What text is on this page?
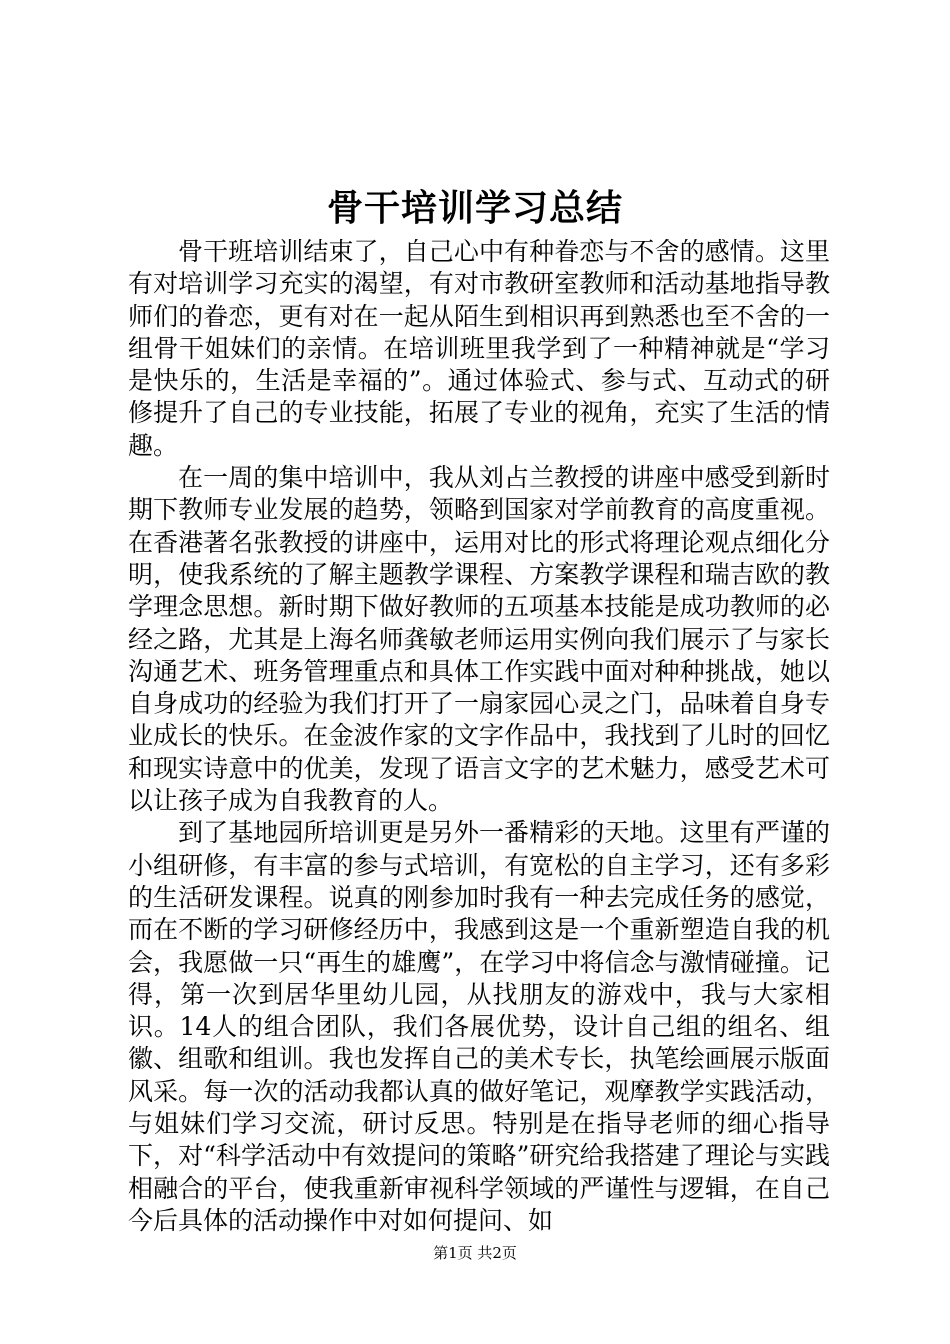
骨干培训学习总结

骨干班培训结束了，自己心中有种眷恋与不舍的感情。这里有对培训学习充实的渴望，有对市教研室教师和活动基地指导教师们的眷恋，更有对在一起从陌生到相识再到熟悉也至不舍的一组骨干姐妹们的亲情。在培训班里我学到了一种精神就是“学习是快乐的，生活是幸福的”。通过体验式、参与式、互动式的研修提升了自己的专业技能，拓展了专业的视角，充实了生活的情趣。

在一周的集中培训中，我从刘占兰教授的讲座中感受到新时期下教师专业发展的趋势，领略到国家对学前教育的高度重视。在香港著名张教授的讲座中，运用对比的形式将理论观点细化分明，使我系统的了解主题教学课程、方案教学课程和瑞吉欧的教学理念思想。新时期下做好教师的五项基本技能是成功教师的必经之路，尤其是上海名师龚敏老师运用实例向我们展示了与家长沟通艺术、班务管理重点和具体工作实践中面对种种挑战，她以自身成功的经验为我们打开了一扇家园心灵之门，品味着自身专业成长的快乐。在金波作家的文字作品中，我找到了儿时的回忆和现实诗意中的优美，发现了语言文字的艺术魅力，感受艺术可以让孩子成为自我教育的人。

到了基地园所培训更是另外一番精彩的天地。这里有严谨的小组研修，有丰富的参与式培训，有宽松的自主学习，还有多彩的生活研发课程。说真的刚参加时我有一种去完成任务的感觉，而在不断的学习研修经历中，我感到这是一个重新塑造自我的机会，我愿做一只“再生的雄鹰”，在学习中将信念与激情碰撞。记得，第一次到居华里幼儿园，从找朋友的游戏中，我与大家相识。14人的组合团队，我们各展优势，设计自己组的组名、组徽、组歌和组训。我也发挥自己的美术专长，执笔绘画展示版面风采。每一次的活动我都认真的做好笔记，观摩教学实践活动，与姐妹们学习交流，研讨反思。特别是在指导老师的细心指导下，对“科学活动中有效提问的策略”研究给我搭建了理论与实践相融合的平台，使我重新审视科学领域的严谨性与逻辑，在自己今后具体的活动操作中对如何提问、如

第1页 共2页
